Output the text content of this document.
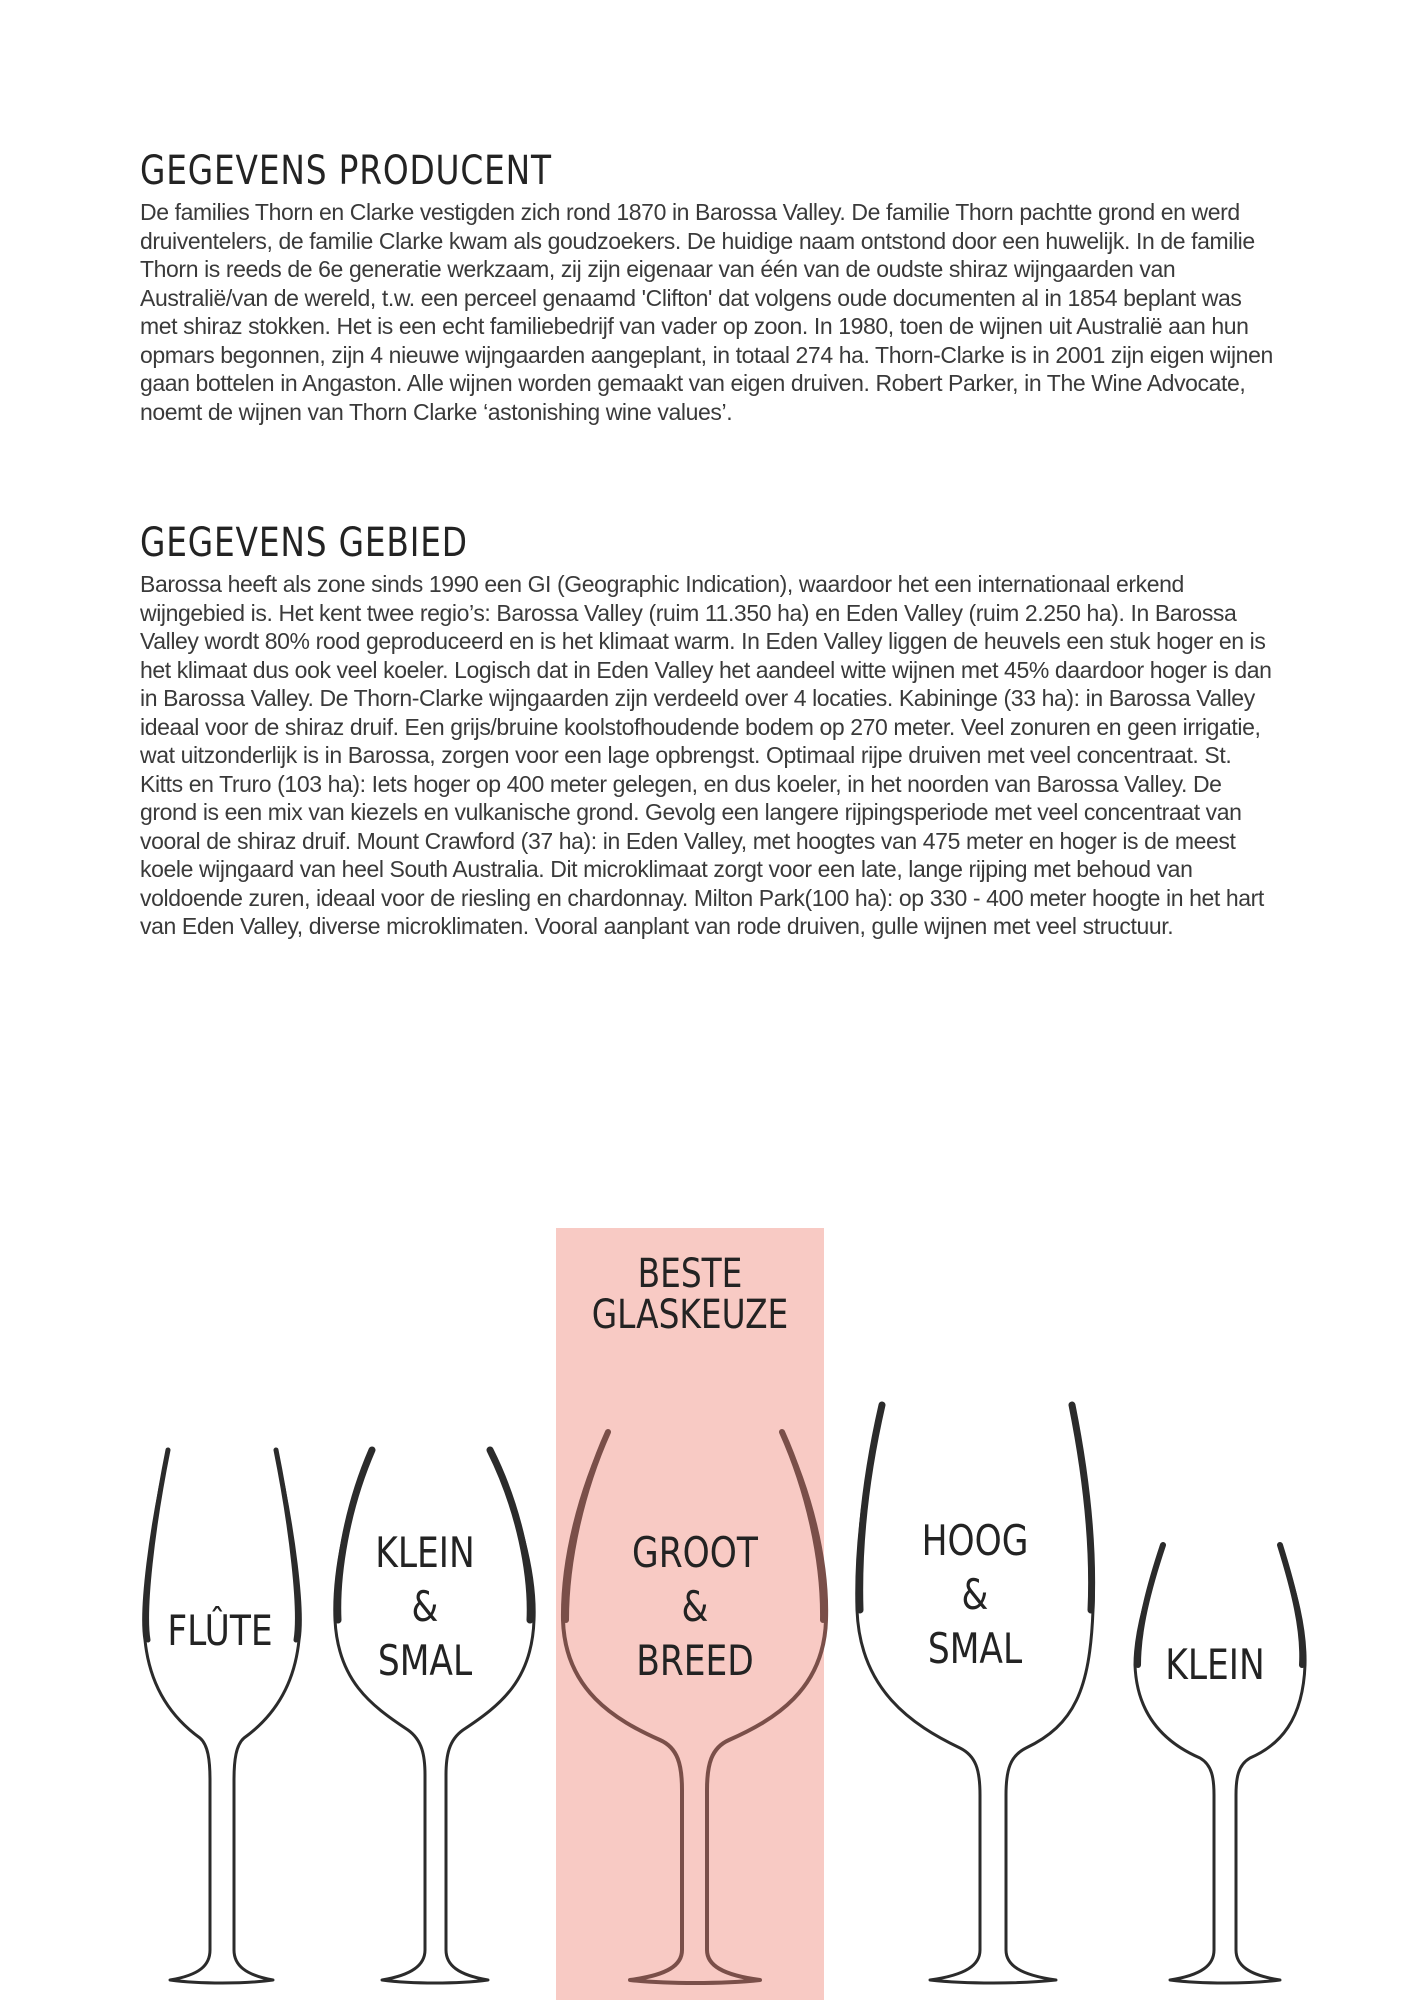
GEGEVENS PRODUCENT

De families Thorn en Clarke vestigden zich rond 1870 in Barossa Valley. De familie Thorn pachtte grond en werd druiventelers, de familie Clarke kwam als goudzoekers. De huidige naam ontstond door een huwelijk. In de familie Thorn is reeds de 6e generatie werkzaam, zij zijn eigenaar van één van de oudste shiraz wijngaarden van Australië/van de wereld, t.w. een perceel genaamd 'Clifton' dat volgens oude documenten al in 1854 beplant was met shiraz stokken. Het is een echt familiebedrijf van vader op zoon. In 1980, toen de wijnen uit Australië aan hun opmars begonnen, zijn 4 nieuwe wijngaarden aangeplant, in totaal 274 ha. Thorn-Clarke is in 2001 zijn eigen wijnen gaan bottelen in Angaston. Alle wijnen worden gemaakt van eigen druiven. Robert Parker, in The Wine Advocate, noemt de wijnen van Thorn Clarke ‘astonishing wine values’.

GEGEVENS GEBIED

Barossa heeft als zone sinds 1990 een GI (Geographic Indication), waardoor het een internationaal erkend wijngebied is. Het kent twee regio’s: Barossa Valley (ruim 11.350 ha) en Eden Valley (ruim 2.250 ha). In Barossa Valley wordt 80% rood geproduceerd en is het klimaat warm. In Eden Valley liggen de heuvels een stuk hoger en is het klimaat dus ook veel koeler. Logisch dat in Eden Valley het aandeel witte wijnen met 45% daardoor hoger is dan in Barossa Valley. De Thorn-Clarke wijngaarden zijn verdeeld over 4 locaties. Kabininge (33 ha): in Barossa Valley ideaal voor de shiraz druif. Een grijs/bruine koolstofhoudende bodem op 270 meter. Veel zonuren en geen irrigatie, wat uitzonderlijk is in Barossa, zorgen voor een lage opbrengst. Optimaal rijpe druiven met veel concentraat. St. Kitts en Truro (103 ha): Iets hoger op 400 meter gelegen, en dus koeler, in het noorden van Barossa Valley. De grond is een mix van kiezels en vulkanische grond. Gevolg een langere rijpingsperiode met veel concentraat van vooral de shiraz druif. Mount Crawford (37 ha): in Eden Valley, met hoogtes van 475 meter en hoger is de meest koele wijngaard van heel South Australia. Dit microklimaat zorgt voor een late, lange rijping met behoud van voldoende zuren, ideaal voor de riesling en chardonnay. Milton Park(100 ha): op 330 - 400 meter hoogte in het hart van Eden Valley, diverse microklimaten. Vooral aanplant van rode druiven, gulle wijnen met veel structuur.

BESTE
GLASKEUZE
FLÛTE
KLEIN
&
SMAL
GROOT
&
BREED
HOOG
&
SMAL	KLEIN
